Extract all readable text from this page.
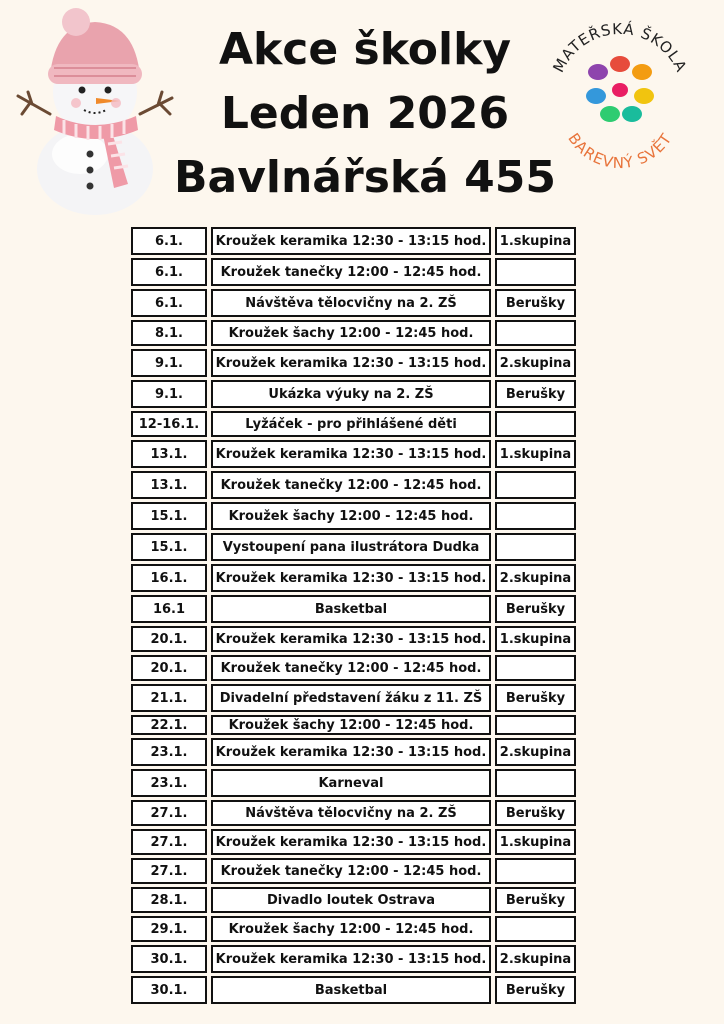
Akce školky
Leden 2026
Bavlnářská 455
MATEŘSKÁ ŠKOLA
BAREVNÝ SVĚT
6.1.	Kroužek keramika 12:30 - 13:15 hod.	1.skupina
6.1.	Kroužek tanečky 12:00 - 12:45 hod.
6.1.	Návštěva tělocvičny na 2. ZŠ	Berušky
8.1.	Kroužek šachy 12:00 - 12:45 hod.
9.1.	Kroužek keramika 12:30 - 13:15 hod.	2.skupina
9.1.	Ukázka výuky na 2. ZŠ	Berušky
12-16.1.	Lyžáček - pro přihlášené děti
13.1.	Kroužek keramika 12:30 - 13:15 hod.	1.skupina
13.1.	Kroužek tanečky 12:00 - 12:45 hod.
15.1.	Kroužek šachy 12:00 - 12:45 hod.
15.1.	Vystoupení pana ilustrátora Dudka
16.1.	Kroužek keramika 12:30 - 13:15 hod.	2.skupina
16.1	Basketbal	Berušky
20.1.	Kroužek keramika 12:30 - 13:15 hod.	1.skupina
20.1.	Kroužek tanečky 12:00 - 12:45 hod.
21.1.	Divadelní představení žáku z 11. ZŠ	Berušky
22.1.	Kroužek šachy 12:00 - 12:45 hod.
23.1.	Kroužek keramika 12:30 - 13:15 hod.	2.skupina
23.1.	Karneval
27.1.	Návštěva tělocvičny na 2. ZŠ	Berušky
27.1.	Kroužek keramika 12:30 - 13:15 hod.	1.skupina
27.1.	Kroužek tanečky 12:00 - 12:45 hod.
28.1.	Divadlo loutek Ostrava	Berušky
29.1.	Kroužek šachy 12:00 - 12:45 hod.
30.1.	Kroužek keramika 12:30 - 13:15 hod.	2.skupina
30.1.	Basketbal	Berušky
